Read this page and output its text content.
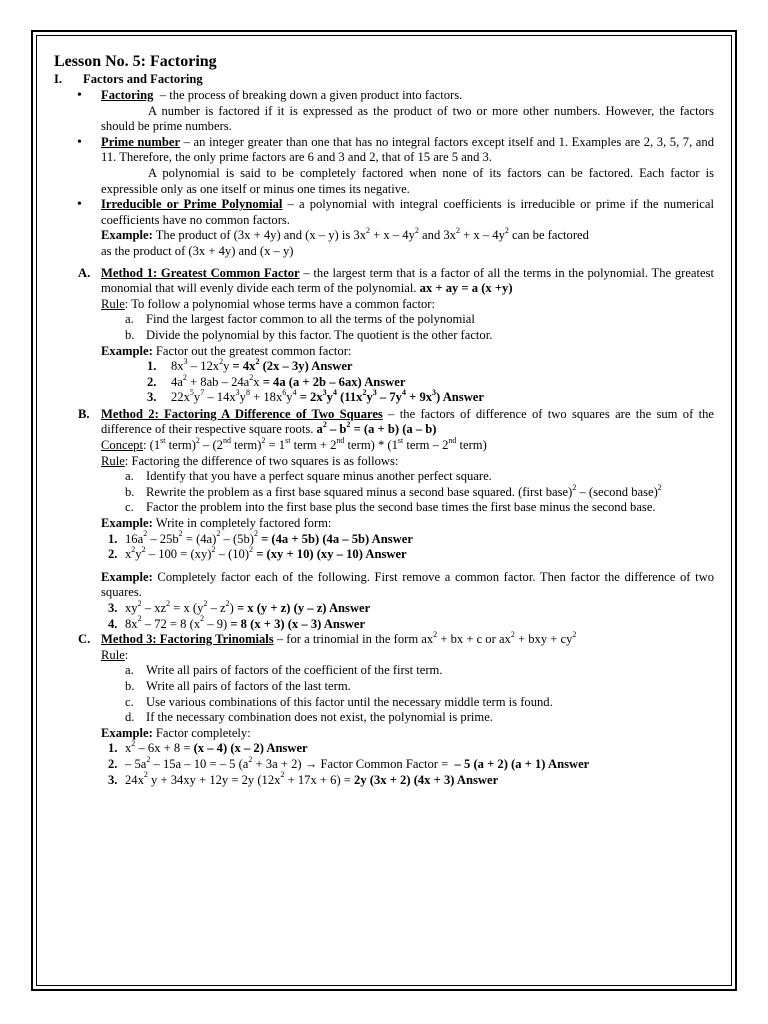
Lesson No. 5: Factoring

I. Factors and Factoring
• Factoring  – the process of breaking down a given product into factors.

A number is factored if it is expressed as the product of two or more other numbers. However, the factors should be prime numbers.

• Prime number – an integer greater than one that has no integral factors except itself and 1. Examples are 2, 3, 5, 7, and 11. Therefore, the only prime factors are 6 and 3 and 2, that of 15 are 5 and 3.

A polynomial is said to be completely factored when none of its factors can be factored. Each factor is expressible only as one itself or minus one times its negative.

• Irreducible or Prime Polynomial – a polynomial with integral coefficients is irreducible or prime if the numerical coefficients have no common factors.

Example: The product of (3x + 4y) and (x – y) is $3x^2 + x - 4y^2$ and $3x^2 + x - 4y^2$ can be factored

as the product of (3x + 4y) and (x – y)

A. Method 1: Greatest Common Factor – the largest term that is a factor of all the terms in the polynomial. The greatest monomial that will evenly divide each term of the polynomial. ax + ay = a (x +y)

Rule: To follow a polynomial whose terms have a common factor:

a. Find the largest factor common to all the terms of the polynomial

b. Divide the polynomial by this factor. The quotient is the other factor.

Example: Factor out the greatest common factor:

1. $8x^3 - 12x^2y = 4x^2$ (2x – 3y) Answer

2. $4a^2 + 8ab - 24a^2x = 4a$ (a + 2b – 6ax) Answer

3. $22x^5y^7 - 14x^3y^8 + 18x^6y^4 = 2x^3y^4$ $(11x^2y^3 - 7y^4 + 9x^3)$ Answer

B. Method 2: Factoring A Difference of Two Squares – the factors of difference of two squares are the sum of the difference of their respective square roots. $a^2 - b^2 = (a + b)$ (a – b)

Concept: (1st term)$^2$ – (2nd term)$^2$ = 1st term + 2nd term) * (1st term – 2nd term)

Rule: Factoring the difference of two squares is as follows:

a. Identify that you have a perfect square minus another perfect square.

b. Rewrite the problem as a first base squared minus a second base squared. (first base)$^2$ – (second base)$^2$

c. Factor the problem into the first base plus the second base times the first base minus the second base.

Example: Write in completely factored form:

1. $16a^2 - 25b^2 = (4a)^2 - (5b)^2 = (4a + 5b)$ (4a – 5b) Answer

2. $x^2y^2 - 100 = (xy)^2 - (10)^2 = (xy + 10)$ (xy – 10) Answer

Example: Completely factor each of the following. First remove a common factor. Then factor the difference of two squares.

3. $xy^2 - xz^2 = x$ $(y^2 - z^2) = x$ (y + z) (y – z) Answer

4. $8x^2 - 72 = 8$ $(x^2 - 9) = 8$ (x + 3) (x – 3) Answer

C. Method 3: Factoring Trinomials – for a trinomial in the form $ax^2$ + bx + c or $ax^2$ + bxy + $cy^2$

Rule:

a. Write all pairs of factors of the coefficient of the first term.

b. Write all pairs of factors of the last term.

c. Use various combinations of this factor until the necessary middle term is found.

d. If the necessary combination does not exist, the polynomial is prime.

Example: Factor completely:

1. $x^2 - 6x + 8 = (x - 4)$ (x – 2) Answer

2. – $5a^2 - 15a - 10$ = – 5 $(a^2 + 3a + 2)$ → Factor Common Factor =  – 5 (a + 2) (a + 1) Answer

3. $24x^2$ y + 34xy + 12y = 2y $(12x^2 + 17x + 6) = 2y$ (3x + 2) (4x + 3) Answer
